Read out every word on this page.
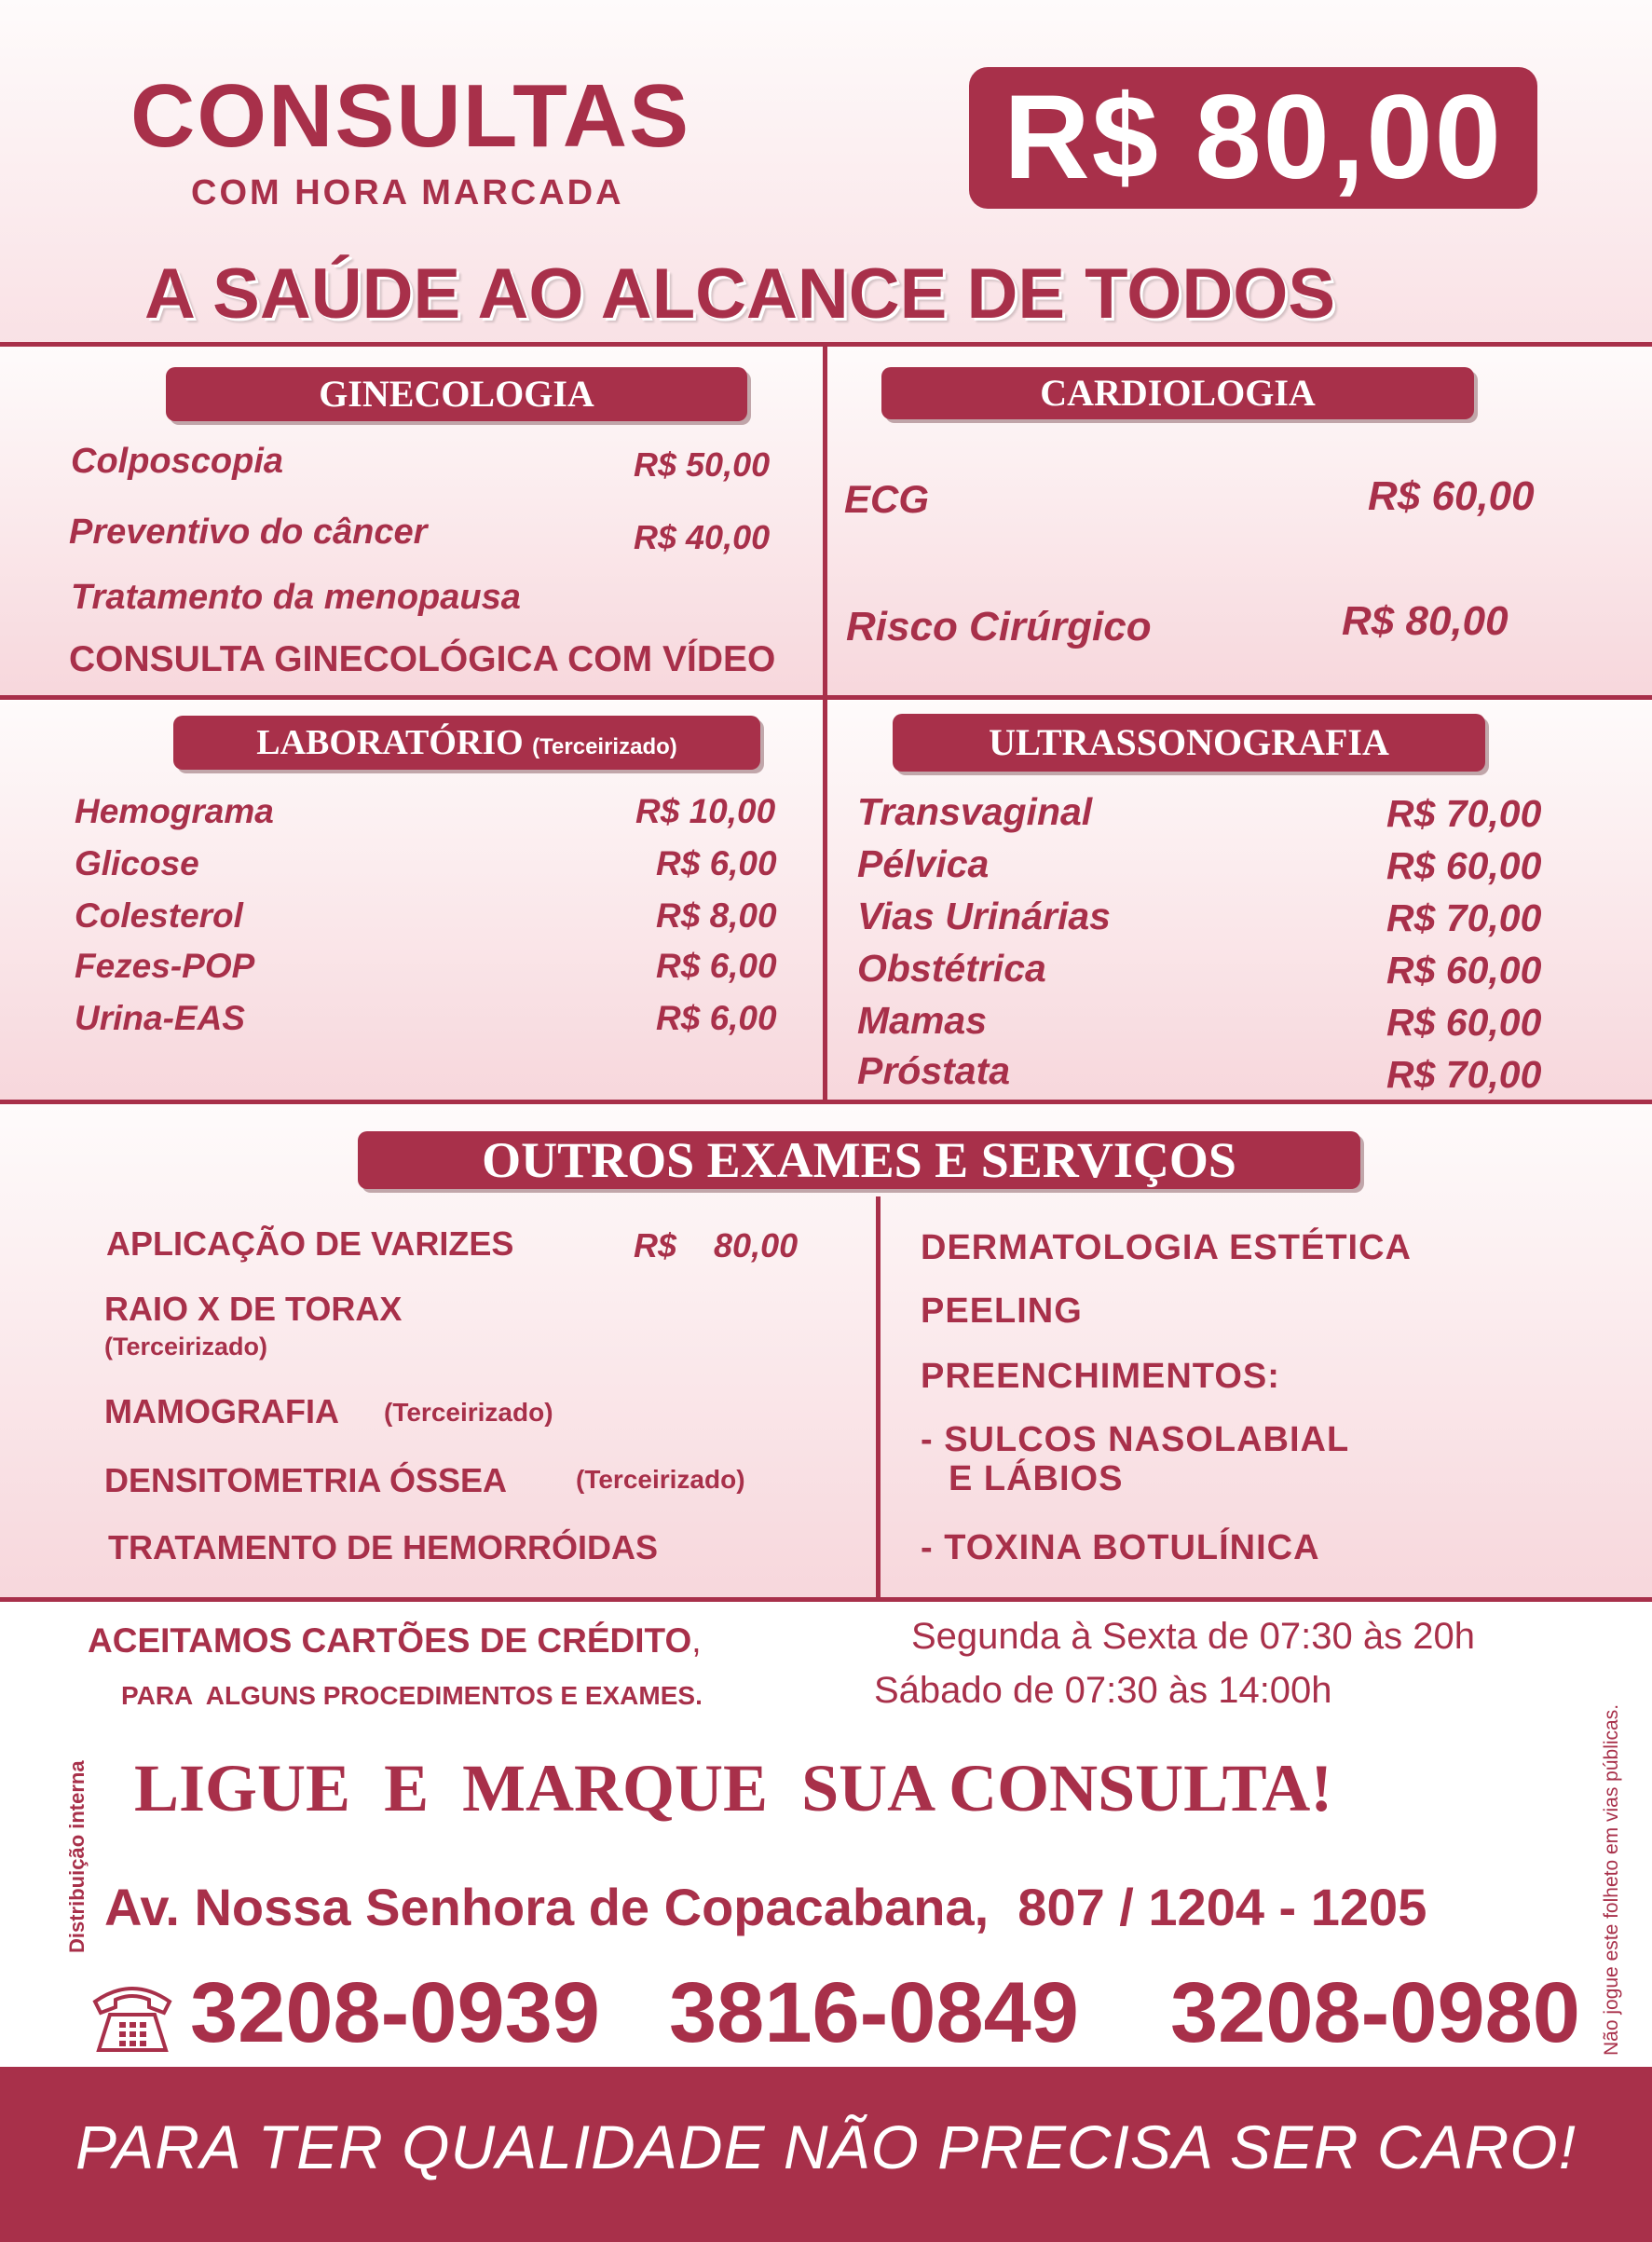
CONSULTAS
COM HORA MARCADA	R$ 80,00
A SAÚDE AO ALCANCE DE TODOS
GINECOLOGIA
Colposcopia	R$ 50,00
Preventivo do câncer	R$ 40,00
Tratamento da menopausa
CONSULTA GINECOLÓGICA COM VÍDEO
CARDIOLOGIA
ECG	R$ 60,00
Risco Cirúrgico	R$ 80,00
LABORATÓRIO (Terceirizado)
Hemograma	R$ 10,00
Glicose	R$ 6,00
Colesterol	R$ 8,00
Fezes-POP	R$ 6,00
Urina-EAS	R$ 6,00
ULTRASSONOGRAFIA
Transvaginal	R$ 70,00
Pélvica	R$ 60,00
Vias Urinárias	R$ 70,00
Obstétrica	R$ 60,00
Mamas	R$ 60,00
Próstata	R$ 70,00
OUTROS EXAMES E SERVIÇOS
APLICAÇÃO DE VARIZES	R$    80,00
RAIO X DE TORAX
(Terceirizado)
MAMOGRAFIA (Terceirizado)
DENSITOMETRIA ÓSSEA	(Terceirizado)
TRATAMENTO DE HEMORRÓIDAS
DERMATOLOGIA ESTÉTICA
PEELING
PREENCHIMENTOS:
- SULCOS NASOLABIAL
E LÁBIOS
- TOXINA BOTULÍNICA
ACEITAMOS CARTÕES DE CRÉDITO,
PARA  ALGUNS PROCEDIMENTOS E EXAMES.
Segunda à Sexta de 07:30 às 20h
Sábado de 07:30 às 14:00h
LIGUE  E  MARQUE  SUA CONSULTA!
Av. Nossa Senhora de Copacabana,  807 / 1204 - 1205
3208-0939 3816-0849 3208-0980
Distribuição interna	Não jogue este folheto em vias públicas.
PARA TER QUALIDADE NÃO PRECISA SER CARO!
